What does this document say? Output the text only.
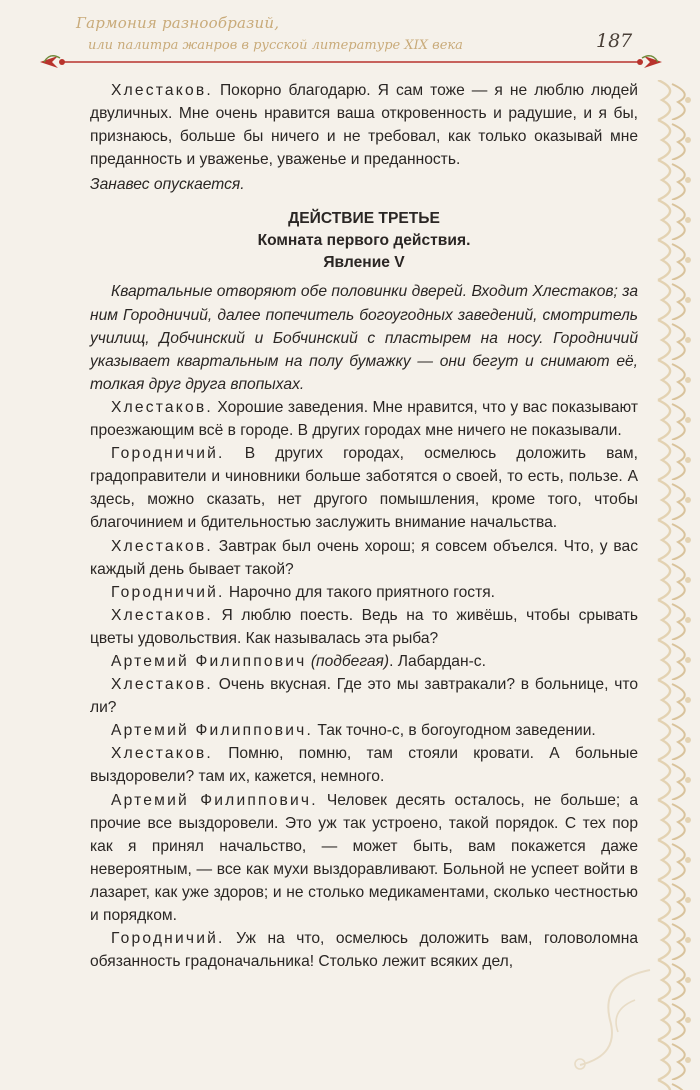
Гармония разнообразий,
или палитра жанров в русской литературе XIX века	187

Хлестаков. Покорно благодарю. Я сам тоже — я не люблю людей двуличных. Мне очень нравится ваша откровенность и радушие, и я бы, признаюсь, больше бы ничего и не требовал, как только оказывай мне преданность и уваженье, уваженье и преданность.

Занавес опускается.

ДЕЙСТВИЕ ТРЕТЬЕ

Комната первого действия.

Явление V

Квартальные отворяют обе половинки дверей. Входит Хлестаков; за ним Городничий, далее попечитель богоугодных заведений, смотритель училищ, Добчинский и Бобчинский с пластырем на носу. Городничий указывает квартальным на полу бумажку — они бегут и снимают её, толкая друг друга впопыхах.

Хлестаков. Хорошие заведения. Мне нравится, что у вас показывают проезжающим всё в городе. В других городах мне ничего не показывали.

Городничий. В других городах, осмелюсь доложить вам, градоправители и чиновники больше заботятся о своей, то есть, пользе. А здесь, можно сказать, нет другого помышления, кроме того, чтобы благочинием и бдительностью заслужить внимание начальства.

Хлестаков. Завтрак был очень хорош; я совсем объелся. Что, у вас каждый день бывает такой?

Городничий. Нарочно для такого приятного гостя.

Хлестаков. Я люблю поесть. Ведь на то живёшь, чтобы срывать цветы удовольствия. Как называлась эта рыба?

Артемий Филиппович (подбегая). Лабардан-с.

Хлестаков. Очень вкусная. Где это мы завтракали? в больнице, что ли?

Артемий Филиппович. Так точно-с, в богоугодном заведении.

Хлестаков. Помню, помню, там стояли кровати. А больные выздоровели? там их, кажется, немного.

Артемий Филиппович. Человек десять осталось, не больше; а прочие все выздоровели. Это уж так устроено, такой порядок. С тех пор как я принял начальство, — может быть, вам покажется даже невероятным, — все как мухи выздоравливают. Больной не успеет войти в лазарет, как уже здоров; и не столько медикаментами, сколько честностью и порядком.

Городничий. Уж на что, осмелюсь доложить вам, головоломна обязанность градоначальника! Столько лежит всяких дел,
